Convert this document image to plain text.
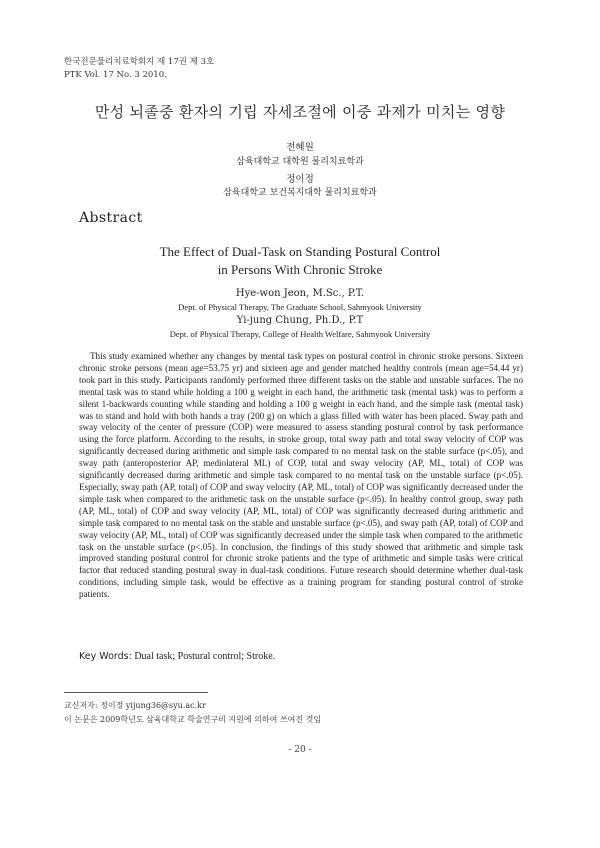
한국전문물리치료학회지 제 17권 제 3호
PTK Vol. 17 No. 3 2010.
만성 뇌졸중 환자의 기립 자세조절에 이중 과제가 미치는 영향
전혜원
삼육대학교 대학원 물리치료학과
정이정
삼육대학교 보건복지대학 물리치료학과
Abstract
The Effect of Dual-Task on Standing Postural Control
in Persons With Chronic Stroke
Hye-won Jeon, M.Sc., P.T.
Dept. of Physical Therapy, The Graduate School, Sahmyook University
Yi-jung Chung, Ph.D., P.T
Dept. of Physical Therapy, College of Health Welfare, Sahmyook University

This study examined whether any changes by mental task types on postural control in chronic stroke persons. Sixteen chronic stroke persons (mean age=53.75 yr) and sixteen age and gender matched healthy controls (mean age=54.44 yr) took part in this study. Participants randomly performed three different tasks on the stable and unstable surfaces. The no mental task was to stand while holding a 100 g weight in each hand, the arithmetic task (mental task) was to perform a silent 1-backwards counting while standing and holding a 100 g weight in each hand, and the simple task (mental task) was to stand and hold with both hands a tray (200 g) on which a glass filled with water has been placed. Sway path and sway velocity of the center of pressure (COP) were measured to assess standing postural control by task performance using the force platform. According to the results, in stroke group, total sway path and total sway velocity of COP was significantly decreased during arithmetic and simple task compared to no mental task on the stable surface (p<.05), and sway path (anteroposterior AP, mediolateral ML) of COP, total and sway velocity (AP, ML, total) of COP was significantly decreased during arithmetic and simple task compared to no mental task on the unstable surface (p<.05). Especially, sway path (AP, total) of COP and sway velocity (AP, ML, total) of COP was significantly decreased under the simple task when compared to the arithmetic task on the unstable surface (p<.05). In healthy control group, sway path (AP, ML, total) of COP and sway velocity (AP, ML, total) of COP was significantly decreased during arithmetic and simple task compared to no mental task on the stable and unstable surface (p<.05), and sway path (AP, total) of COP and sway velocity (AP, ML, total) of COP was significantly decreased under the simple task when compared to the arithmetic task on the unstable surface (p<.05). In conclusion, the findings of this study showed that arithmetic and simple task improved standing postural control for chronic stroke patients and the type of arithmetic and simple tasks were critical factor that reduced standing postural sway in dual-task conditions. Future research should determine whether dual-task conditions, including simple task, would be effective as a training program for standing postural control of stroke patients.

Key Words: Dual task; Postural control; Stroke.
교신저자: 정이정 yijung36@syu.ac.kr
이 논문은 2009학년도 삼육대학교 학술연구비 지원에 의하여 쓰여진 것임
- 20 -
